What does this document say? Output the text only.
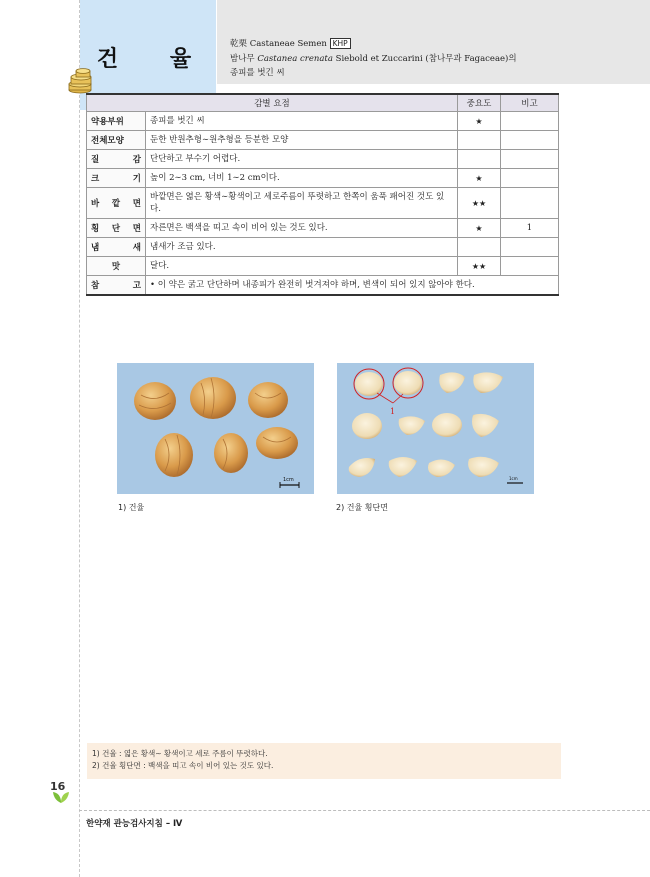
건 율
乾栗 Castaneae Semen KHP
밤나무 Castanea crenata Siebold et Zuccarini (참나무과 Fagaceae)의
종피를 벗긴 씨
감별 요점		중요도	비고
약용부위	종피를 벗긴 씨	★	
전체모양	둔한 반원추형∼원추형을 등분한 모양		
질 감	단단하고 부수기 어렵다.		
크 기	높이 2∼3 cm, 너비 1∼2 cm이다.	★	
바 깥 면	바깥면은 엷은 황색∼황색이고 세로주름이 뚜렷하고 한쪽이 움푹 패어진 것도 있다.	★★	
횡 단 면	자른면은 백색을 띠고 속이 비어 있는 것도 있다.	★	1
냄 새	냄새가 조금 있다.		
맛	달다.	★★	
참 고	• 이 약은 굵고 단단하며 내종피가 완전히 벗겨져야 하며, 변색이 되어 있지 않아야 한다.		
1cm
1) 건율
1
1cm
2) 건율 횡단면
1) 건율 : 엷은 황색∼ 황색이고 세로 주름이 뚜렷하다.
2) 건율 횡단면 : 백색을 띠고 속이 비어 있는 것도 있다.
16
한약재 관능검사지침 – Ⅳ
